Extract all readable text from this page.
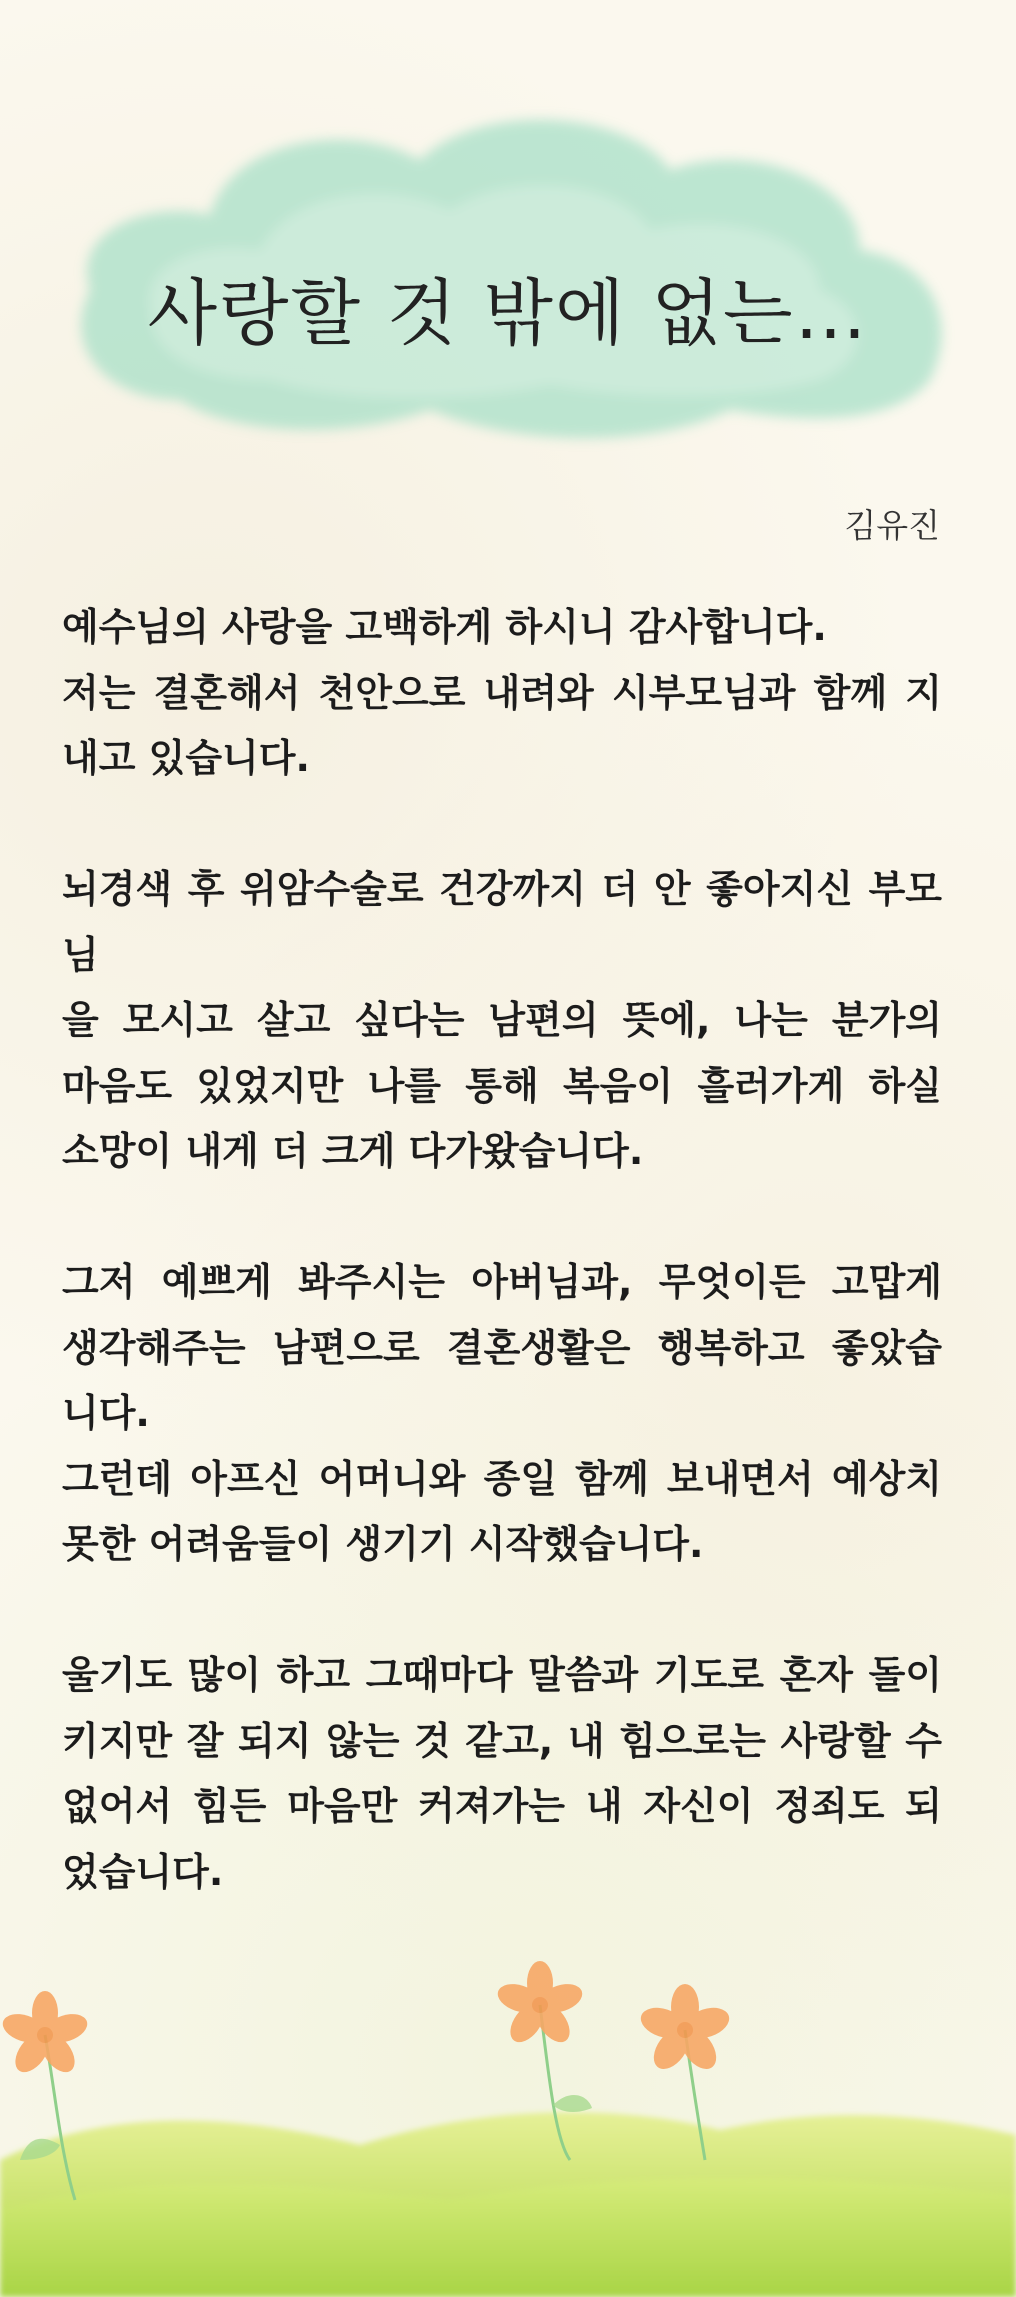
사랑할 것 밖에 없는…

김유진

예수님의 사랑을 고백하게 하시니 감사합니다.
저는 결혼해서 천안으로 내려와 시부모님과 함께 지
내고 있습니다.

뇌경색 후 위암수술로 건강까지 더 안 좋아지신 부모님
을 모시고 살고 싶다는 남편의 뜻에, 나는 분가의
마음도 있었지만 나를 통해 복음이 흘러가게 하실
소망이 내게 더 크게 다가왔습니다.

그저 예쁘게 봐주시는 아버님과, 무엇이든 고맙게
생각해주는 남편으로 결혼생활은 행복하고 좋았습
니다.
그런데 아프신 어머니와 종일 함께 보내면서 예상치
못한 어려움들이 생기기 시작했습니다.

울기도 많이 하고 그때마다 말씀과 기도로 혼자 돌이
키지만 잘 되지 않는 것 같고, 내 힘으로는 사랑할 수
없어서 힘든 마음만 커져가는 내 자신이 정죄도 되
었습니다.
